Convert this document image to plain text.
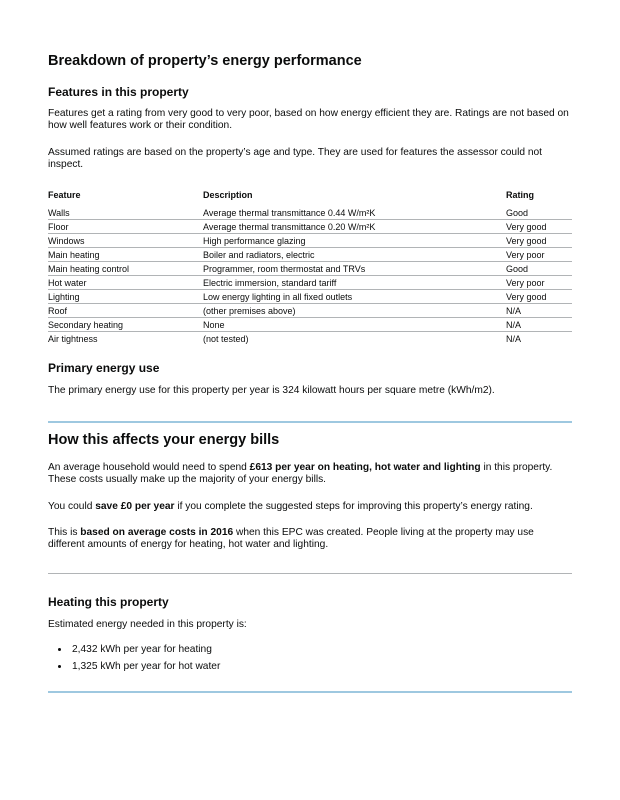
Breakdown of property’s energy performance
Features in this property

Features get a rating from very good to very poor, based on how energy efficient they are. Ratings are not based on how well features work or their condition.

Assumed ratings are based on the property’s age and type. They are used for features the assessor could not inspect.

Feature	Description	Rating
Walls	Average thermal transmittance 0.44 W/m²K	Good
Floor	Average thermal transmittance 0.20 W/m²K	Very good
Windows	High performance glazing	Very good
Main heating	Boiler and radiators, electric	Very poor
Main heating control	Programmer, room thermostat and TRVs	Good
Hot water	Electric immersion, standard tariff	Very poor
Lighting	Low energy lighting in all fixed outlets	Very good
Roof	(other premises above)	N/A
Secondary heating	None	N/A
Air tightness	(not tested)	N/A
Primary energy use

The primary energy use for this property per year is 324 kilowatt hours per square metre (kWh/m2).

How this affects your energy bills

An average household would need to spend £613 per year on heating, hot water and lighting in this property. These costs usually make up the majority of your energy bills.

You could save £0 per year if you complete the suggested steps for improving this property’s energy rating.

This is based on average costs in 2016 when this EPC was created. People living at the property may use different amounts of energy for heating, hot water and lighting.

Heating this property

Estimated energy needed in this property is:

• 2,432 kWh per year for heating
• 1,325 kWh per year for hot water
